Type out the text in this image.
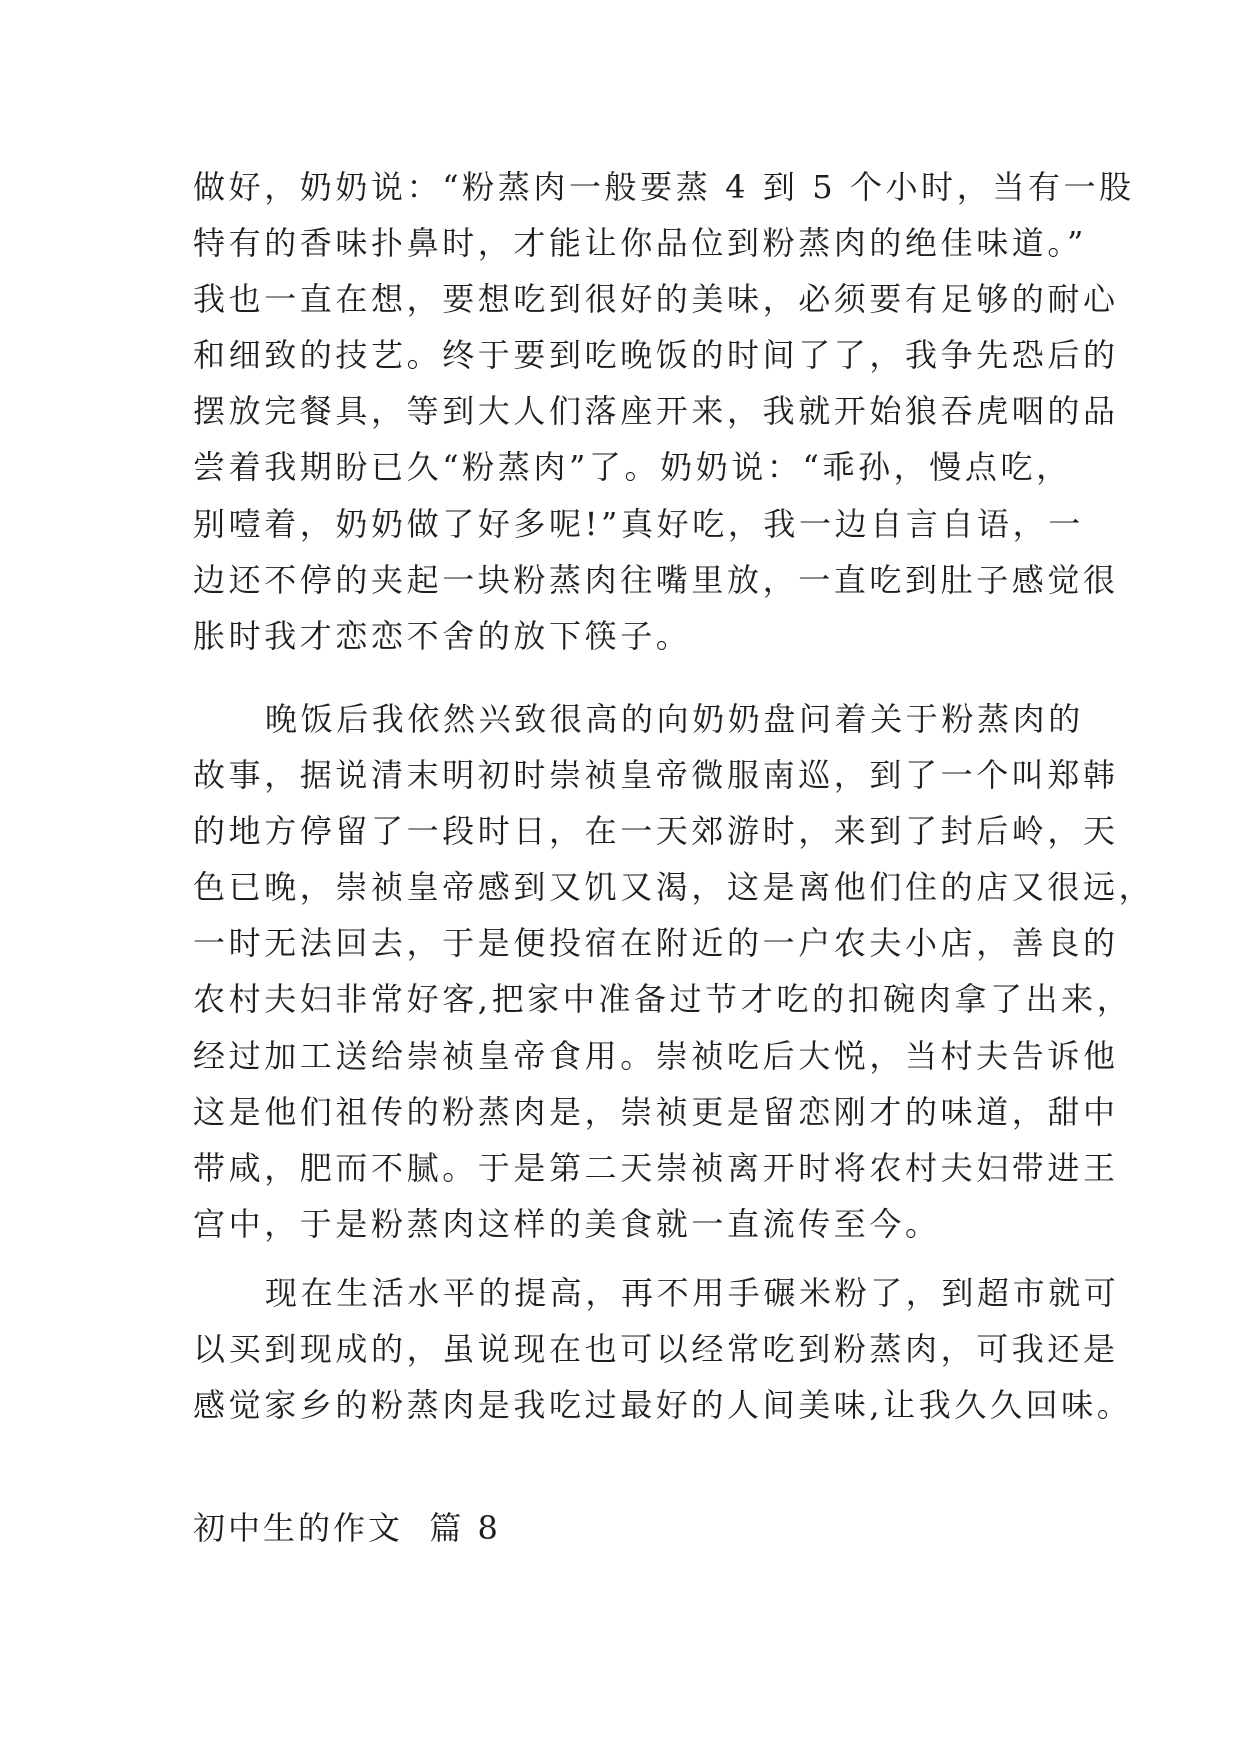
做好，奶奶说：“粉蒸肉一般要蒸 4 到 5 个小时，当有一股
特有的香味扑鼻时，才能让你品位到粉蒸肉的绝佳味道。”
我也一直在想，要想吃到很好的美味，必须要有足够的耐心
和细致的技艺。终于要到吃晚饭的时间了了，我争先恐后的
摆放完餐具，等到大人们落座开来，我就开始狼吞虎咽的品
尝着我期盼已久“粉蒸肉”了。奶奶说：“乖孙，慢点吃，
别噎着，奶奶做了好多呢!”真好吃，我一边自言自语，一
边还不停的夹起一块粉蒸肉往嘴里放，一直吃到肚子感觉很
胀时我才恋恋不舍的放下筷子。
晚饭后我依然兴致很高的向奶奶盘问着关于粉蒸肉的
故事，据说清末明初时崇祯皇帝微服南巡，到了一个叫郑韩
的地方停留了一段时日，在一天郊游时，来到了封后岭，天
色已晚，崇祯皇帝感到又饥又渴，这是离他们住的店又很远，
一时无法回去，于是便投宿在附近的一户农夫小店，善良的
农村夫妇非常好客,把家中准备过节才吃的扣碗肉拿了出来，
经过加工送给崇祯皇帝食用。崇祯吃后大悦，当村夫告诉他
这是他们祖传的粉蒸肉是，崇祯更是留恋刚才的味道，甜中
带咸，肥而不腻。于是第二天崇祯离开时将农村夫妇带进王
宫中，于是粉蒸肉这样的美食就一直流传至今。
现在生活水平的提高，再不用手碾米粉了，到超市就可
以买到现成的，虽说现在也可以经常吃到粉蒸肉，可我还是
感觉家乡的粉蒸肉是我吃过最好的人间美味,让我久久回味。
初中生的作文  篇 8
